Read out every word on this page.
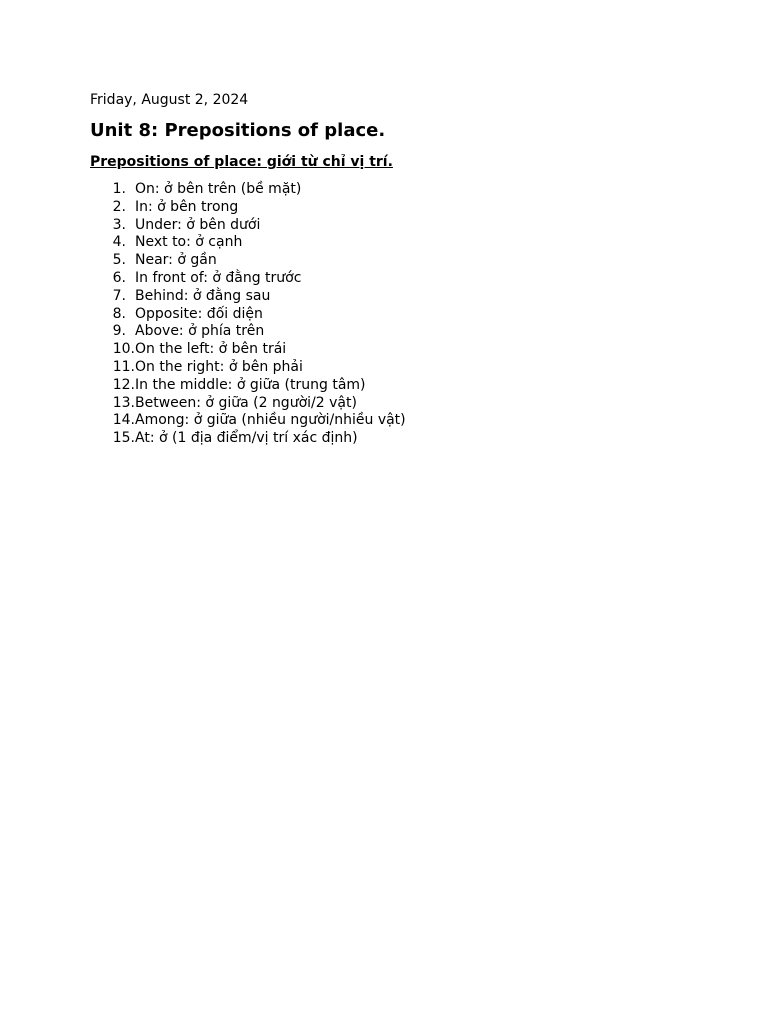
Friday, August 2, 2024
Unit 8: Prepositions of place.
Prepositions of place: giới từ chỉ vị trí.
1. On: ở bên trên (bề mặt)
2. In: ở bên trong
3. Under: ở bên dưới
4. Next to: ở cạnh
5. Near: ở gần
6. In front of: ở đằng trước
7. Behind: ở đằng sau
8. Opposite: đối diện
9. Above: ở phía trên
10. On the left: ở bên trái
11. On the right: ở bên phải
12. In the middle: ở giữa (trung tâm)
13. Between: ở giữa (2 người/2 vật)
14. Among: ở giữa (nhiều người/nhiều vật)
15. At: ở (1 địa điểm/vị trí xác định)
